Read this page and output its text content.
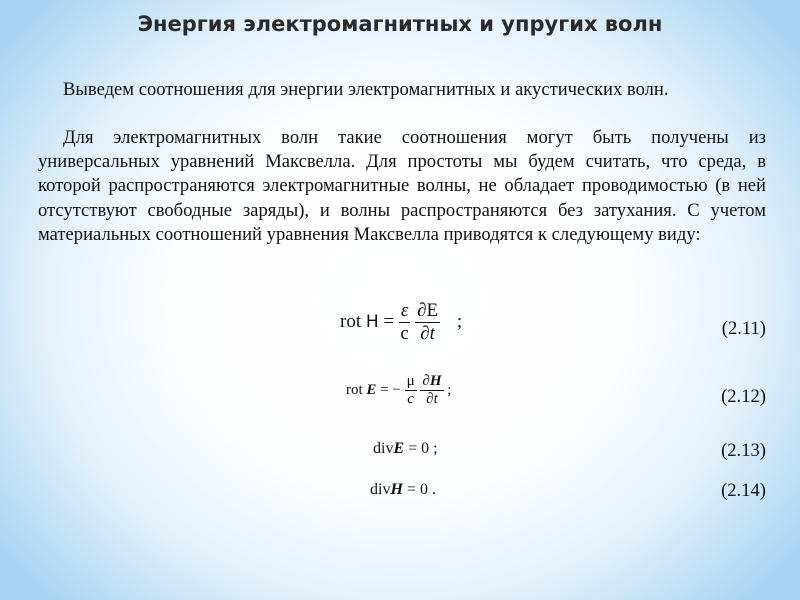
Энергия электромагнитных и упругих волн
Выведем соотношения для энергии электромагнитных и акустических волн.
Для электромагнитных волн такие соотношения могут быть получены из универсальных уравнений Максвелла. Для простоты мы будем считать, что среда, в которой распространяются электромагнитные волны, не обладает проводимостью (в ней отсутствуют свободные заряды), и волны распространяются без затухания. С учетом материальных соотношений уравнения Максвелла приводятся к следующему виду:
rot $H = \frac{\varepsilon}{c}$
$\frac{\partial E}{\partial t}$ ;	(2.11)
rot E = − $\frac{\mu}{c}$
$\frac{\partial H}{\partial t}$ ;	(2.12)
divE = 0 ;	(2.13)
divH = 0 .	(2.14)
